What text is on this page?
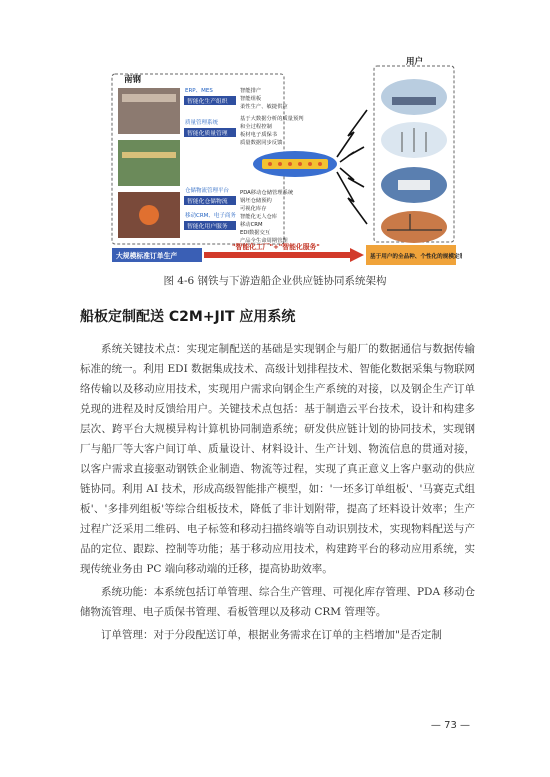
南钢
ERP、MES
智能化生产组织
质量管理系统
智能化质量管理
仓储物流管理平台
智能化仓储物流
移动CRM、电子商务
智能化用户服务
智能排产
智能组板
柔性生产、敏捷供应
基于大数据分析的质量预判
和全过程控制
板材电子质保书
质量数据同步反馈
PDA移动仓储管理系统
钢坯仓储预约
可视化库存
智能化无人仓库
移动CRM
EDI数据交互
产品全生命周期管理
用户
大规模标准订单生产
"智能化工厂"+"智能化服务"
基于用户的全品种、个性化的规模定制
图 4-6 钢铁与下游造船企业供应链协同系统架构
船板定制配送 C2M+JIT 应用系统

系统关键技术点：实现定制配送的基础是实现钢企与船厂的数据通信与数据传输标准的统一。利用 EDI 数据集成技术、高级计划排程技术、智能化数据采集与物联网络传输以及移动应用技术，实现用户需求向钢企生产系统的对接，以及钢企生产订单兑现的进程及时反馈给用户。关键技术点包括：基于制造云平台技术，设计和构建多层次、跨平台大规模异构计算机协同制造系统；研发供应链计划的协同技术，实现钢厂与船厂等大客户间订单、质量设计、材料设计、生产计划、物流信息的贯通对接，以客户需求直接驱动钢铁企业制造、物流等过程，实现了真正意义上客户驱动的供应链协同。利用 AI 技术，形成高级智能排产模型，如：'一坯多订单组板'、'马赛克式组板'、'多排列组板'等综合组板技术，降低了非计划附带，提高了坯料设计效率；生产过程广泛采用二维码、电子标签和移动扫描终端等自动识别技术，实现物料配送与产品的定位、跟踪、控制等功能；基于移动应用技术，构建跨平台的移动应用系统，实现传统业务由 PC 端向移动端的迁移，提高协助效率。

系统功能：本系统包括订单管理、综合生产管理、可视化库存管理、PDA 移动仓储物流管理、电子质保书管理、看板管理以及移动 CRM 管理等。

订单管理：对于分段配送订单，根据业务需求在订单的主档增加"是否定制

— 73 —
